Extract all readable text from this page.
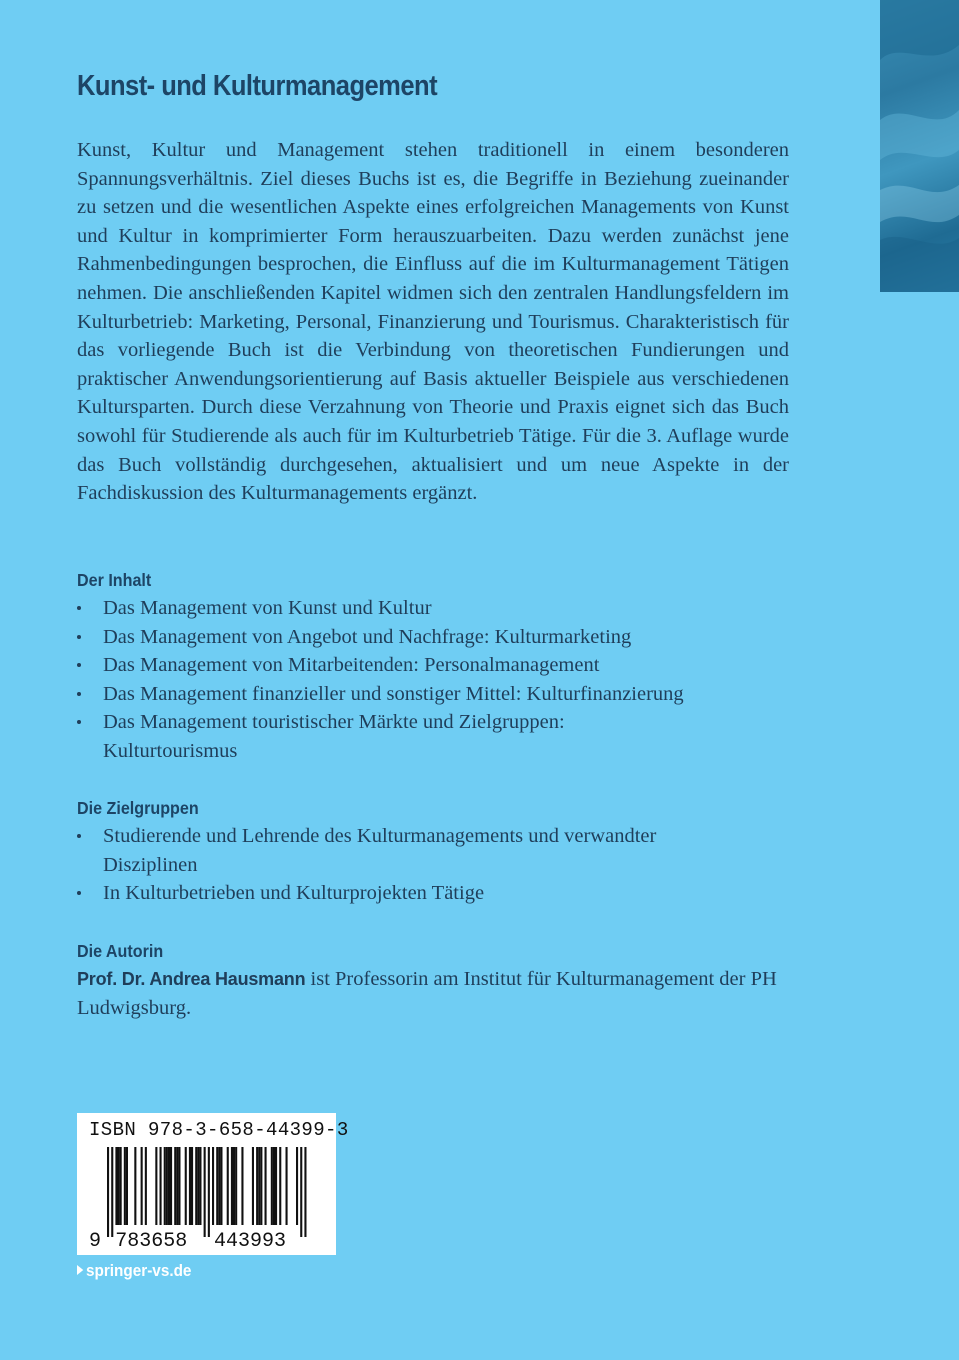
Kunst- und Kulturmanagement

Kunst, Kultur und Management stehen traditionell in einem besonderen Spannungsverhältnis. Ziel dieses Buchs ist es, die Begriffe in Beziehung zueinander zu setzen und die wesentlichen Aspekte eines erfolgreichen Managements von Kunst und Kultur in komprimierter Form herauszuarbeiten. Dazu werden zunächst jene Rahmenbedingungen besprochen, die Einfluss auf die im Kulturmanagement Tätigen nehmen. Die anschließenden Kapitel widmen sich den zentralen Handlungsfeldern im Kulturbetrieb: Marketing, Personal, Finanzierung und Tourismus. Charakteristisch für das vorliegende Buch ist die Verbindung von theoretischen Fundierungen und praktischer Anwendungsorientierung auf Basis aktueller Beispiele aus verschiedenen Kultursparten. Durch diese Verzahnung von Theorie und Praxis eignet sich das Buch sowohl für Studierende als auch für im Kulturbetrieb Tätige. Für die 3. Auflage wurde das Buch vollständig durchgesehen, aktualisiert und um neue Aspekte in der Fachdiskussion des Kulturmanagements ergänzt.

Der Inhalt
Das Management von Kunst und Kultur
Das Management von Angebot und Nachfrage: Kulturmarketing
Das Management von Mitarbeitenden: Personalmanagement
Das Management finanzieller und sonstiger Mittel: Kulturfinanzierung
Das Management touristischer Märkte und Zielgruppen: Kulturtourismus
Die Zielgruppen
Studierende und Lehrende des Kulturmanagements und verwandter Disziplinen
In Kulturbetrieben und Kulturprojekten Tätige
Die Autorin

Prof. Dr. Andrea Hausmann ist Professorin am Institut für Kulturmanagement der PH Ludwigsburg.

ISBN 978-3-658-44399-3
9 783658 443993
springer-vs.de
